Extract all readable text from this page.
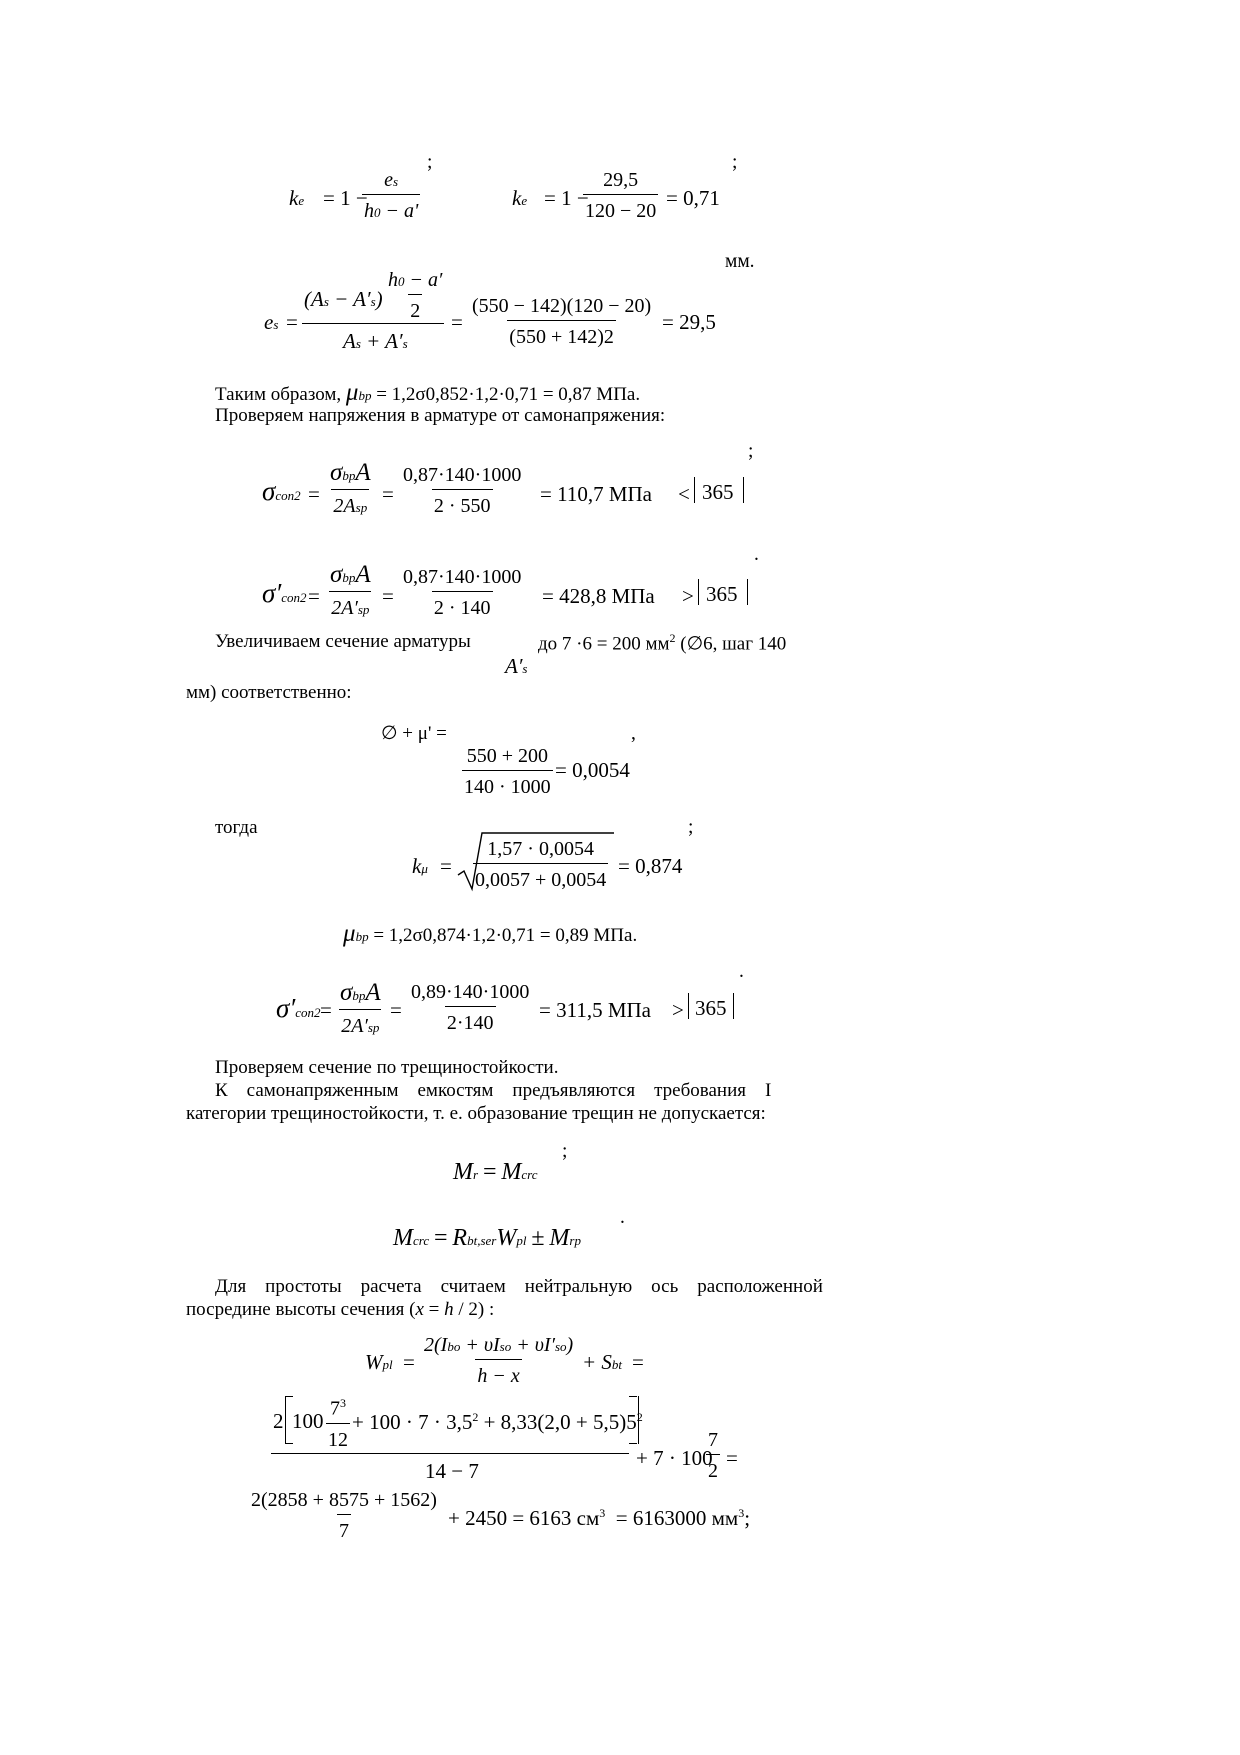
;	;
ke = 1 −
es
h0 − a'
ke = 1 −
29,5
120 − 20
= 0,71
мм.
es =
(As − A′s)
h0 − a′
2
As + A′s
=
(550 − 142)(120 − 20)
(550 + 142)2
= 29,5
Таким образом, μbp = 1,2σ0,852·1,2·0,71 = 0,87 МПа.
Проверяем напряжения в арматуре от самонапряжения:
;
σcon2 =
σbpA
2Asp
=
0,87·140·1000
2 · 550 = 110,7 МПа < 365
.
σ′con2 =
σbpA
2A′sp
=
0,87·140·1000
2 · 140 = 428,8 МПа > 365
Увеличиваем сечение арматуры
A′s
до 7 ·6 = 200 $мм^2$ (∅6, шаг 140
мм) соответственно:
∅ + μ' =	,
550 + 200
140 · 1000
= 0,0054
тогда	;
kμ =
1,57 · 0,0054
0,0057 + 0,0054
= 0,874
μbp = 1,2σ0,874·1,2·0,71 = 0,89 МПа.
.
σ′con2 =
σbpA
2A′sp
=
0,89·140·1000
2·140
= 311,5 МПа > 365
Проверяем сечение по трещиностойкости.
К    самонапряженным    емкостям    предъявляются    требования    I
категории трещиностойкости, т. е. образование трещин не допускается:
;
Mr = Mcrc
.
Mcrc = Rbt,serWpl ± Mrp
Для    простоты    расчета    считаем    нейтральную    ось    расположенной
посредине высоты сечения (x = h / 2) :
Wpl =
2(Ibo + υIso + υI′so)
h − x
+ Sbt =
2 100
$7^3$
12
+ $100 \cdot 7 \cdot 3,5^2 + 8,33(2,0 + 5,5)5^2$
14 − 7
+ 7 · 100
7
2
=
2(2858 + 8575 + 1562)
7
+ 2450 = 6163 $см^3 = 6163000$ $мм^3$;
